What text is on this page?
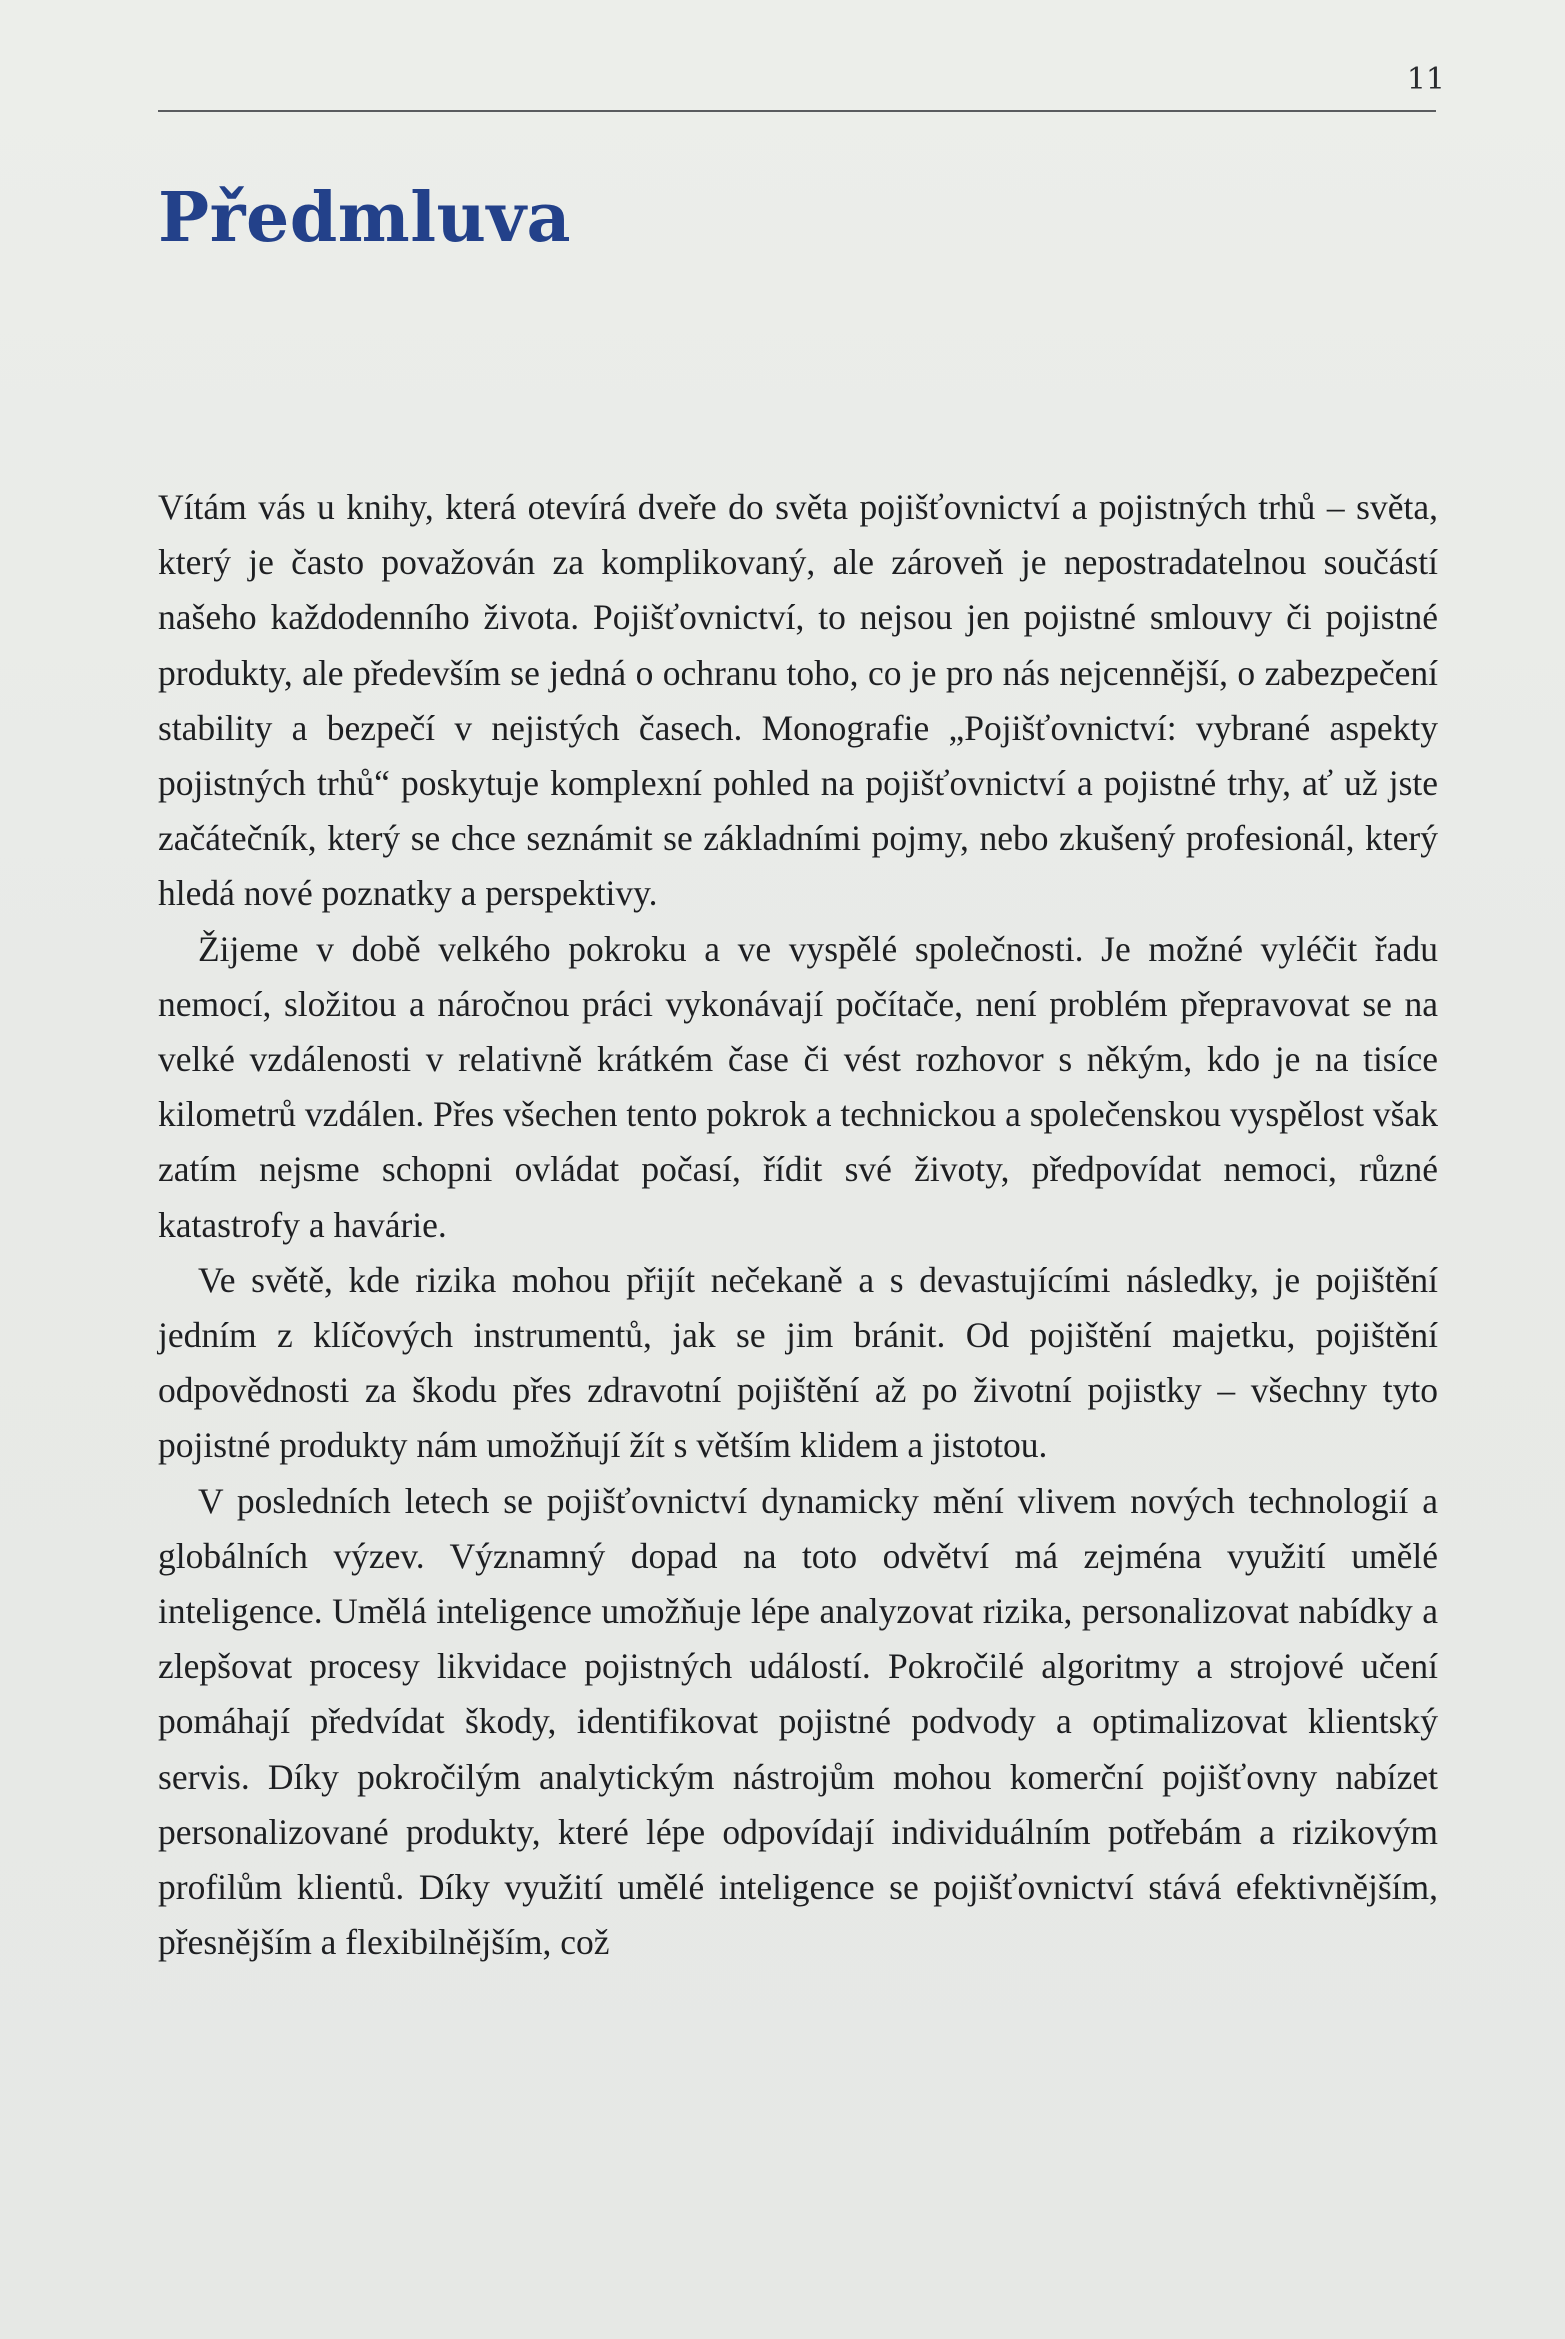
11
Předmluva

Vítám vás u knihy, která otevírá dveře do světa pojišťovnictví a pojistných trhů – světa, který je často považován za komplikovaný, ale zároveň je nepostradatelnou součástí našeho každodenního života. Pojišťovnictví, to nejsou jen pojistné smlouvy či pojistné produkty, ale především se jedná o ochranu toho, co je pro nás nejcennější, o zabezpečení stability a bezpečí v nejistých časech. Monografie „Pojišťovnictví: vybrané aspekty pojistných trhů“ poskytuje komplexní pohled na pojišťovnictví a pojistné trhy, ať už jste začátečník, který se chce seznámit se základními pojmy, nebo zkušený profesionál, který hledá nové poznatky a perspektivy.

Žijeme v době velkého pokroku a ve vyspělé společnosti. Je možné vyléčit řadu nemocí, složitou a náročnou práci vykonávají počítače, není problém přepravovat se na velké vzdálenosti v relativně krátkém čase či vést rozhovor s někým, kdo je na tisíce kilometrů vzdálen. Přes všechen tento pokrok a technickou a společenskou vyspělost však zatím nejsme schopni ovládat počasí, řídit své životy, předpovídat nemoci, různé katastrofy a havárie.

Ve světě, kde rizika mohou přijít nečekaně a s devastujícími následky, je pojištění jedním z klíčových instrumentů, jak se jim bránit. Od pojištění majetku, pojištění odpovědnosti za škodu přes zdravotní pojištění až po životní pojistky – všechny tyto pojistné produkty nám umožňují žít s větším klidem a jistotou.

V posledních letech se pojišťovnictví dynamicky mění vlivem nových technologií a globálních výzev. Významný dopad na toto odvětví má zejména využití umělé inteligence. Umělá inteligence umožňuje lépe analyzovat rizika, personalizovat nabídky a zlepšovat procesy likvidace pojistných událostí. Pokročilé algoritmy a strojové učení pomáhají předvídat škody, identifikovat pojistné podvody a optimalizovat klientský servis. Díky pokročilým analytickým nástrojům mohou komerční pojišťovny nabízet personalizované produkty, které lépe odpovídají individuálním potřebám a rizikovým profilům klientů. Díky využití umělé inteligence se pojišťovnictví stává efektivnějším, přesnějším a flexibilnějším, což
